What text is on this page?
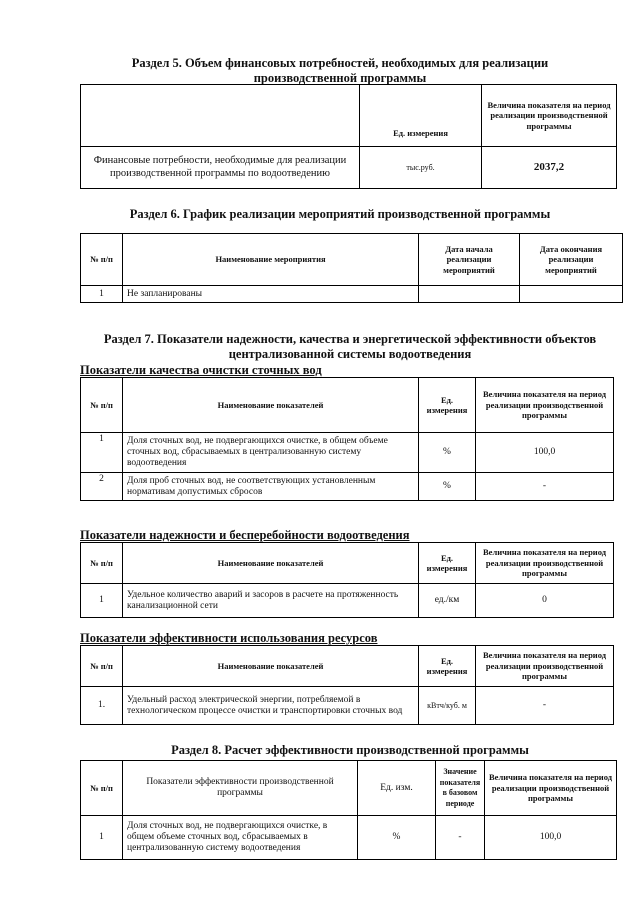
Раздел 5. Объем финансовых потребностей, необходимых для реализации
производственной программы
	Ед. измерения	Величина показателя на период реализации производственной программы
Финансовые потребности, необходимые для реализации производственной программы по водоотведению	тыс.руб.	2037,2
Раздел 6. График реализации мероприятий производственной программы
№ п/п	Наименование мероприятия	Дата начала реализации мероприятий	Дата окончания реализации мероприятий
1	Не запланированы		
Раздел 7. Показатели надежности, качества и энергетической эффективности объектов
централизованной системы водоотведения
Показатели качества очистки сточных вод
№ п/п	Наименование показателей	Ед. измерения	Величина показателя на период реализации производственной программы
1	Доля сточных вод, не подвергающихся очистке, в общем объеме сточных вод, сбрасываемых в централизованную систему водоотведения	%	100,0
2	Доля проб сточных вод, не соответствующих установленным нормативам допустимых сбросов	%	-
Показатели надежности и бесперебойности водоотведения
№ п/п	Наименование показателей	Ед. измерения	Величина показателя на период реализации производственной программы
1	Удельное количество аварий и засоров в расчете на протяженность канализационной сети	ед./км	0
Показатели эффективности использования ресурсов
№ п/п	Наименование показателей	Ед. измерения	Величина показателя на период реализации производственной программы
1.	Удельный расход электрической энергии, потребляемой в технологическом процессе очистки и транспортировки сточных вод	кВтч/куб. м	-
Раздел 8. Расчет эффективности производственной программы
№ п/п	Показатели эффективности производственной программы	Ед. изм.	Значение показателя в базовом периоде	Величина показателя на период реализации производственной программы
1	Доля сточных вод, не подвергающихся очистке, в общем объеме сточных вод, сбрасываемых в централизованную систему водоотведения	%	-	100,0
